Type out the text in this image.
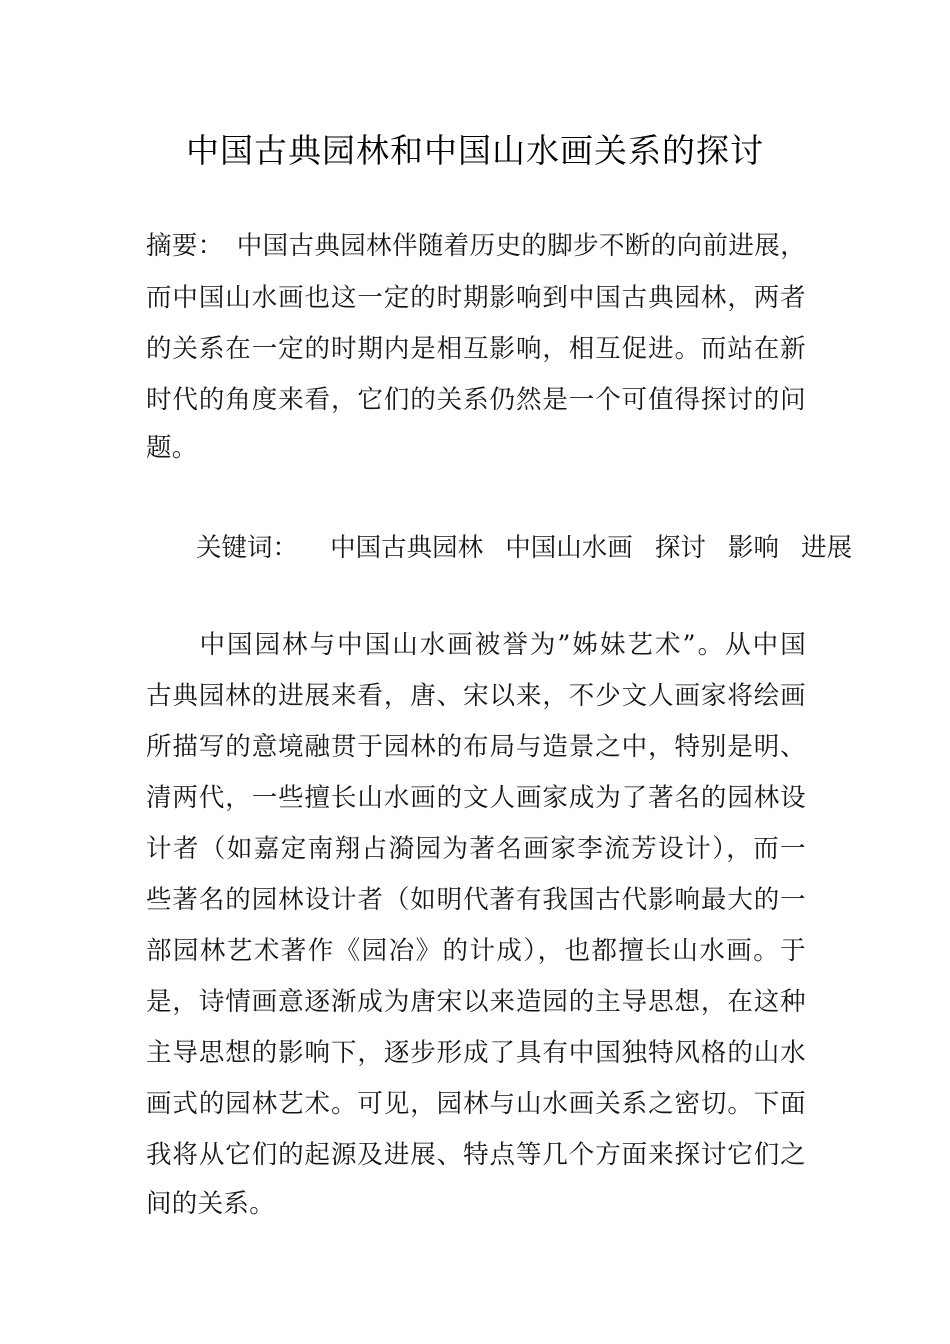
中国古典园林和中国山水画关系的探讨
摘要：　中国古典园林伴随着历史的脚步不断的向前进展，
而中国山水画也这一定的时期影响到中国古典园林，两者
的关系在一定的时期内是相互影响，相互促进。而站在新
时代的角度来看，它们的关系仍然是一个可值得探讨的问
题。
关键词： 中国古典园林 中国山水画 探讨 影响 进展
　中国园林与中国山水画被誉为”姊妹艺术”。从中国
古典园林的进展来看，唐、宋以来，不少文人画家将绘画
所描写的意境融贯于园林的布局与造景之中，特别是明、
清两代，一些擅长山水画的文人画家成为了著名的园林设
计者（如嘉定南翔占漪园为著名画家李流芳设计），而一
些著名的园林设计者（如明代著有我国古代影响最大的一
部园林艺术著作《园冶》的计成），也都擅长山水画。于
是，诗情画意逐渐成为唐宋以来造园的主导思想，在这种
主导思想的影响下，逐步形成了具有中国独特风格的山水
画式的园林艺术。可见，园林与山水画关系之密切。下面
我将从它们的起源及进展、特点等几个方面来探讨它们之
间的关系。
